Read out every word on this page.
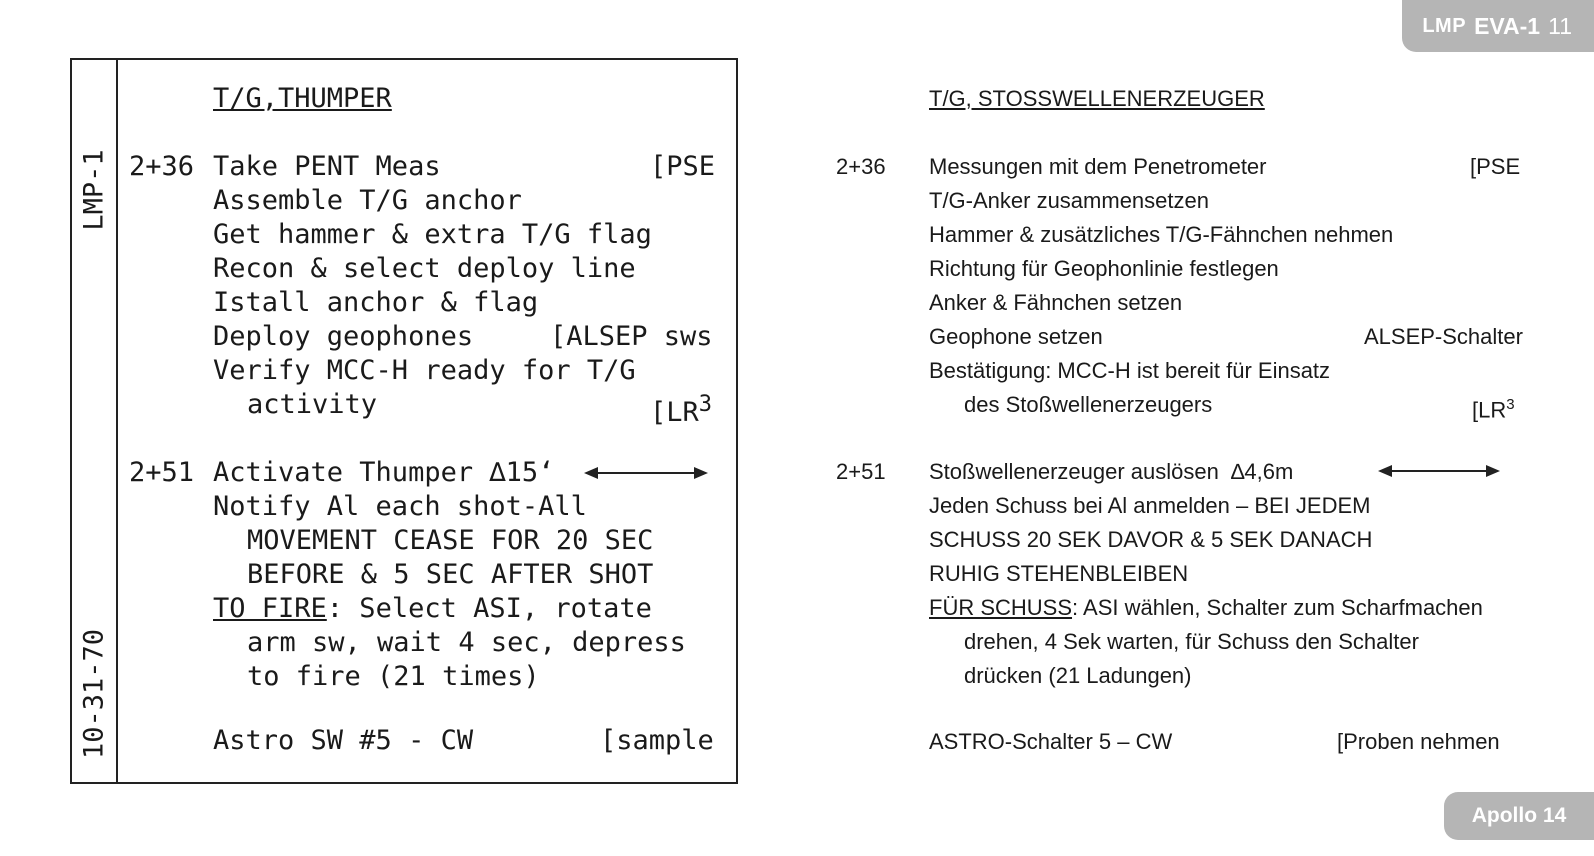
LMP EVA-1 11
Apollo 14
LMP-1
10-31-70
T/G,THUMPER
2+36 Take PENT Meas	[PSE
Assemble T/G anchor
Get hammer & extra T/G flag
Recon & select deploy line
Istall anchor & flag
Deploy geophones	[ALSEP sws
Verify MCC-H ready for T/G
activity	[$LR^3$
2+51 Activate Thumper ∆15‘
Notify Al each shot-All
MOVEMENT CEASE FOR 20 SEC
BEFORE & 5 SEC AFTER SHOT
TO FIRE: Select ASI, rotate
arm sw, wait 4 sec, depress
to fire (21 times)
Astro SW #5 - CW	[sample
T/G, STOSSWELLENERZEUGER
2+36 Messungen mit dem Penetrometer	[PSE
T/G-Anker zusammensetzen
Hammer & zusätzliches T/G-Fähnchen nehmen
Richtung für Geophonlinie festlegen
Anker & Fähnchen setzen
Geophone setzen	ALSEP-Schalter
Bestätigung: MCC-H ist bereit für Einsatz
des Stoßwellenerzeugers	[$LR^3$
2+51 Stoßwellenerzeuger auslösen ∆4,6m
Jeden Schuss bei Al anmelden – BEI JEDEM
SCHUSS 20 SEK DAVOR & 5 SEK DANACH
RUHIG STEHENBLEIBEN
FÜR SCHUSS: ASI wählen, Schalter zum Scharfmachen
drehen, 4 Sek warten, für Schuss den Schalter
drücken (21 Ladungen)
ASTRO-Schalter 5 – CW	[Proben nehmen
